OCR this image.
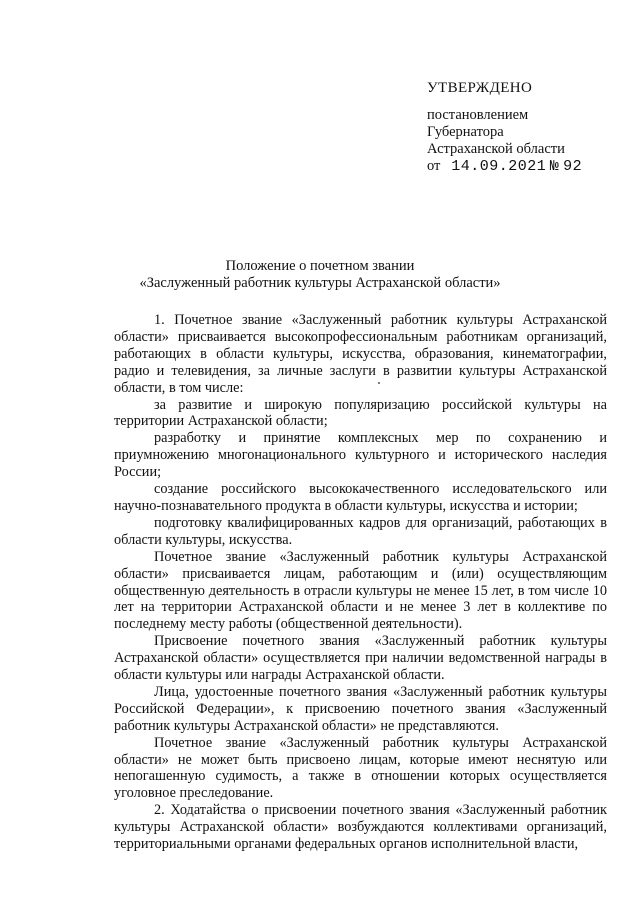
УТВЕРЖДЕНО
постановлением
Губернатора
Астраханской области
от 14.09.2021 № 92
Положение о почетном звании
«Заслуженный работник культуры Астраханской области»

1. Почетное звание «Заслуженный работник культуры Астраханской области» присваивается высокопрофессиональным работникам организаций, работающих в области культуры, искусства, образования, кинематографии, радио и телевидения, за личные заслуги в развитии культуры Астраханской области, в том числе:

за развитие и широкую популяризацию российской культуры на территории Астраханской области;

разработку и принятие комплексных мер по сохранению и приумножению многонационального культурного и исторического наследия России;

создание российского высококачественного исследовательского или научно-познавательного продукта в области культуры, искусства и истории;

подготовку квалифицированных кадров для организаций, работающих в области культуры, искусства.

Почетное звание «Заслуженный работник культуры Астраханской области» присваивается лицам, работающим и (или) осуществляющим общественную деятельность в отрасли культуры не менее 15 лет, в том числе 10 лет на территории Астраханской области и не менее 3 лет в коллективе по последнему месту работы (общественной деятельности).

Присвоение почетного звания «Заслуженный работник культуры Астраханской области» осуществляется при наличии ведомственной награды в области культуры или награды Астраханской области.

Лица, удостоенные почетного звания «Заслуженный работник культуры Российской Федерации», к присвоению почетного звания «Заслуженный работник культуры Астраханской области» не представляются.

Почетное звание «Заслуженный работник культуры Астраханской области» не может быть присвоено лицам, которые имеют неснятую или непогашенную судимость, а также в отношении которых осуществляется уголовное преследование.

2. Ходатайства о присвоении почетного звания «Заслуженный работник культуры Астраханской области» возбуждаются коллективами организаций, территориальными органами федеральных органов исполнительной власти,
